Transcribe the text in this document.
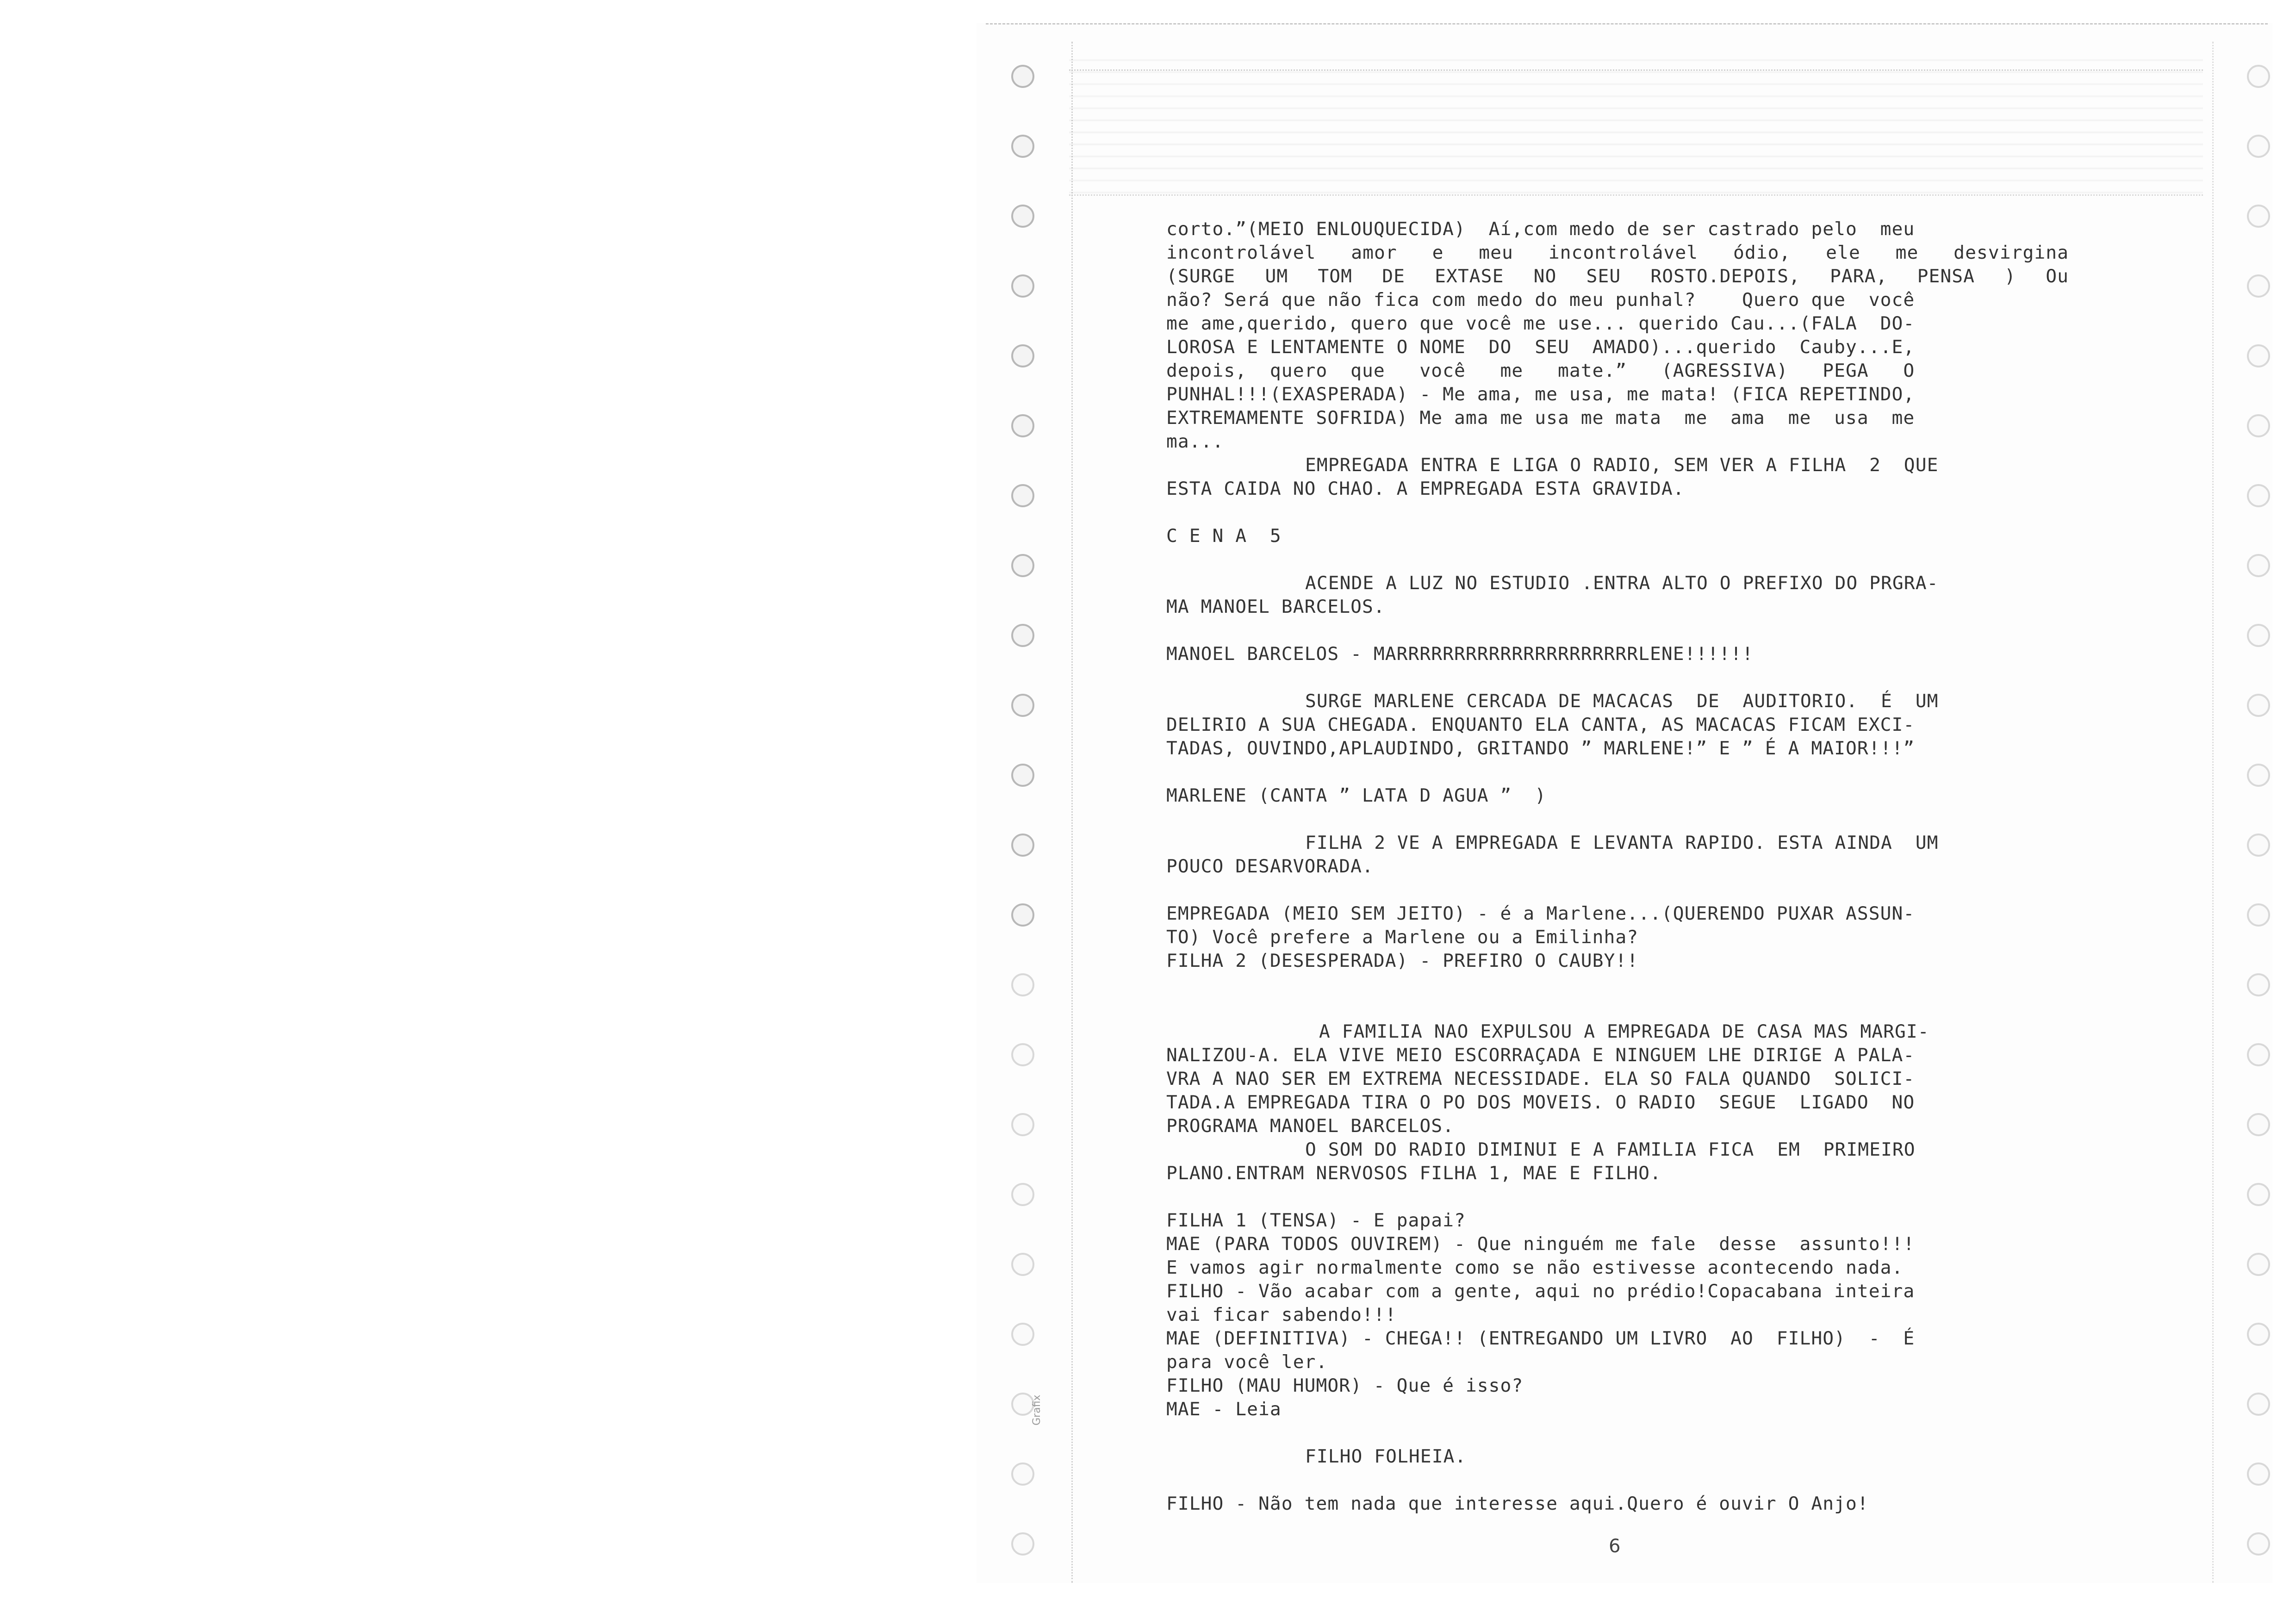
Grafix
corto.”(MEIO ENLOUQUECIDA)  Aí,com medo de ser castrado pelo  meu
incontrolável amor e meu incontrolável ódio, ele me desvirgina
(SURGE UM TOM DE EXTASE NO SEU ROSTO.DEPOIS, PARA, PENSA ) Ou
não? Será que não fica com medo do meu punhal?    Quero que  você
me ame,querido, quero que você me use... querido Cau...(FALA  DO-
LOROSA E LENTAMENTE O NOME  DO  SEU  AMADO)...querido  Cauby...E,
depois,  quero  que   você   me   mate.”   (AGRESSIVA)   PEGA   O
PUNHAL!!!(EXASPERADA) - Me ama, me usa, me mata! (FICA REPETINDO,
EXTREMAMENTE SOFRIDA) Me ama me usa me mata  me  ama  me  usa  me
ma...
EMPREGADA ENTRA E LIGA O RADIO, SEM VER A FILHA  2  QUE
ESTA CAIDA NO CHAO. A EMPREGADA ESTA GRAVIDA.
C E N A  5
ACENDE A LUZ NO ESTUDIO .ENTRA ALTO O PREFIXO DO PRGRA-
MA MANOEL BARCELOS.
MANOEL BARCELOS - MARRRRRRRRRRRRRRRRRRRRRLENE!!!!!!
SURGE MARLENE CERCADA DE MACACAS  DE  AUDITORIO.  É  UM
DELIRIO A SUA CHEGADA. ENQUANTO ELA CANTA, AS MACACAS FICAM EXCI-
TADAS, OUVINDO,APLAUDINDO, GRITANDO ” MARLENE!” E ” É A MAIOR!!!”
MARLENE (CANTA ” LATA D AGUA ”  )
FILHA 2 VE A EMPREGADA E LEVANTA RAPIDO. ESTA AINDA  UM
POUCO DESARVORADA.
EMPREGADA (MEIO SEM JEITO) - é a Marlene...(QUERENDO PUXAR ASSUN-
TO) Você prefere a Marlene ou a Emilinha?
FILHA 2 (DESESPERADA) - PREFIRO O CAUBY!!
A FAMILIA NAO EXPULSOU A EMPREGADA DE CASA MAS MARGI-
NALIZOU-A. ELA VIVE MEIO ESCORRAÇADA E NINGUEM LHE DIRIGE A PALA-
VRA A NAO SER EM EXTREMA NECESSIDADE. ELA SO FALA QUANDO  SOLICI-
TADA.A EMPREGADA TIRA O PO DOS MOVEIS. O RADIO  SEGUE  LIGADO  NO
PROGRAMA MANOEL BARCELOS.
O SOM DO RADIO DIMINUI E A FAMILIA FICA  EM  PRIMEIRO
PLANO.ENTRAM NERVOSOS FILHA 1, MAE E FILHO.
FILHA 1 (TENSA) - E papai?
MAE (PARA TODOS OUVIREM) - Que ninguém me fale  desse  assunto!!!
E vamos agir normalmente como se não estivesse acontecendo nada.
FILHO - Vão acabar com a gente, aqui no prédio!Copacabana inteira
vai ficar sabendo!!!
MAE (DEFINITIVA) - CHEGA!! (ENTREGANDO UM LIVRO  AO  FILHO)  -  É
para você ler.
FILHO (MAU HUMOR) - Que é isso?
MAE - Leia
FILHO FOLHEIA.
FILHO - Não tem nada que interesse aqui.Quero é ouvir O Anjo!
6
